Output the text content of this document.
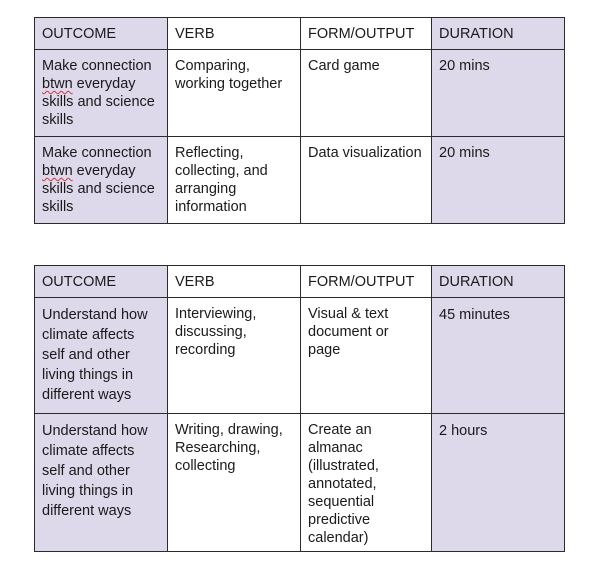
OUTCOME	VERB	FORM/OUTPUT	DURATION
Make connection btwn everyday skills and science skills	Comparing, working together	Card game	20 mins
Make connection btwn everyday skills and science skills	Reflecting, collecting, and arranging information	Data visualization	20 mins
OUTCOME	VERB	FORM/OUTPUT	DURATION
Understand how climate affects self and other living things in different ways	Interviewing, discussing, recording	Visual & text document or page	45 minutes
Understand how climate affects self and other living things in different ways	Writing, drawing, Researching, collecting	Create an almanac (illustrated, annotated, sequential predictive calendar)	2 hours
